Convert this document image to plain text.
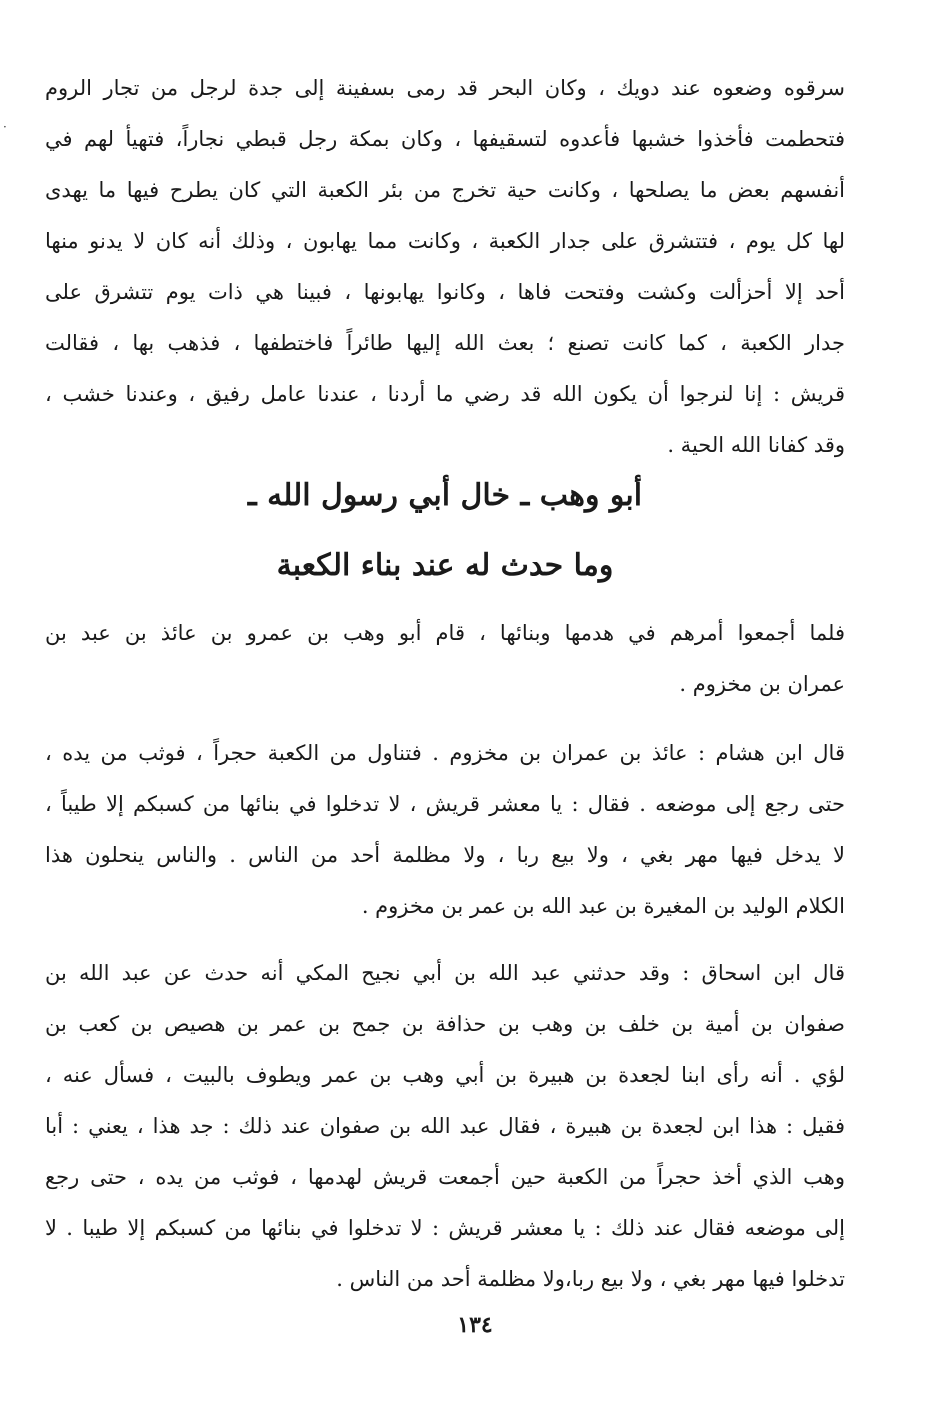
·
سرقوه وضعوه عند دويك ، وكان البحر قد رمى بسفينة إلى جدة لرجل من تجار الروم
فتحطمت فأخذوا خشبها فأعدوه لتسقيفها ، وكان بمكة رجل قبطي نجاراً، فتهيأ لهم في
أنفسهم بعض ما يصلحها ، وكانت حية تخرج من بئر الكعبة التي كان يطرح فيها ما يهدى
لها كل يوم ، فتتشرق على جدار الكعبة ، وكانت مما يهابون ، وذلك أنه كان لا يدنو منها
أحد إلا أحزألت وكشت وفتحت فاها ، وكانوا يهابونها ، فبينا هي ذات يوم تتشرق على
جدار الكعبة ، كما كانت تصنع ؛ بعث الله إليها طائراً فاختطفها ، فذهب بها ، فقالت
قريش : إنا لنرجوا أن يكون الله قد رضي ما أردنا ، عندنا عامل رفيق ، وعندنا خشب ،
وقد كفانا الله الحية .
أبو وهب ـ خال أبي رسول الله ـ
وما حدث له عند بناء الكعبة
فلما أجمعوا أمرهم في هدمها وبنائها ، قام أبو وهب بن عمرو بن عائذ بن عبد بن
عمران بن مخزوم .
قال ابن هشام : عائذ بن عمران بن مخزوم . فتناول من الكعبة حجراً ، فوثب من يده ،
حتى رجع إلى موضعه . فقال : يا معشر قريش ، لا تدخلوا في بنائها من كسبكم إلا طيباً ،
لا يدخل فيها مهر بغي ، ولا بيع ربا ، ولا مظلمة أحد من الناس . والناس ينحلون هذا
الكلام الوليد بن المغيرة بن عبد الله بن عمر بن مخزوم .
قال ابن اسحاق : وقد حدثني عبد الله بن أبي نجيح المكي أنه حدث عن عبد الله بن
صفوان بن أمية بن خلف بن وهب بن حذافة بن جمح بن عمر بن هصيص بن كعب بن
لؤي . أنه رأى ابنا لجعدة بن هبيرة بن أبي وهب بن عمر ويطوف بالبيت ، فسأل عنه ،
فقيل : هذا ابن لجعدة بن هبيرة ، فقال عبد الله بن صفوان عند ذلك : جد هذا ، يعني : أبا
وهب الذي أخذ حجراً من الكعبة حين أجمعت قريش لهدمها ، فوثب من يده ، حتى رجع
إلى موضعه فقال عند ذلك : يا معشر قريش : لا تدخلوا في بنائها من كسبكم إلا طيبا . لا
تدخلوا فيها مهر بغي ، ولا بيع ربا،ولا مظلمة أحد من الناس .
١٣٤
